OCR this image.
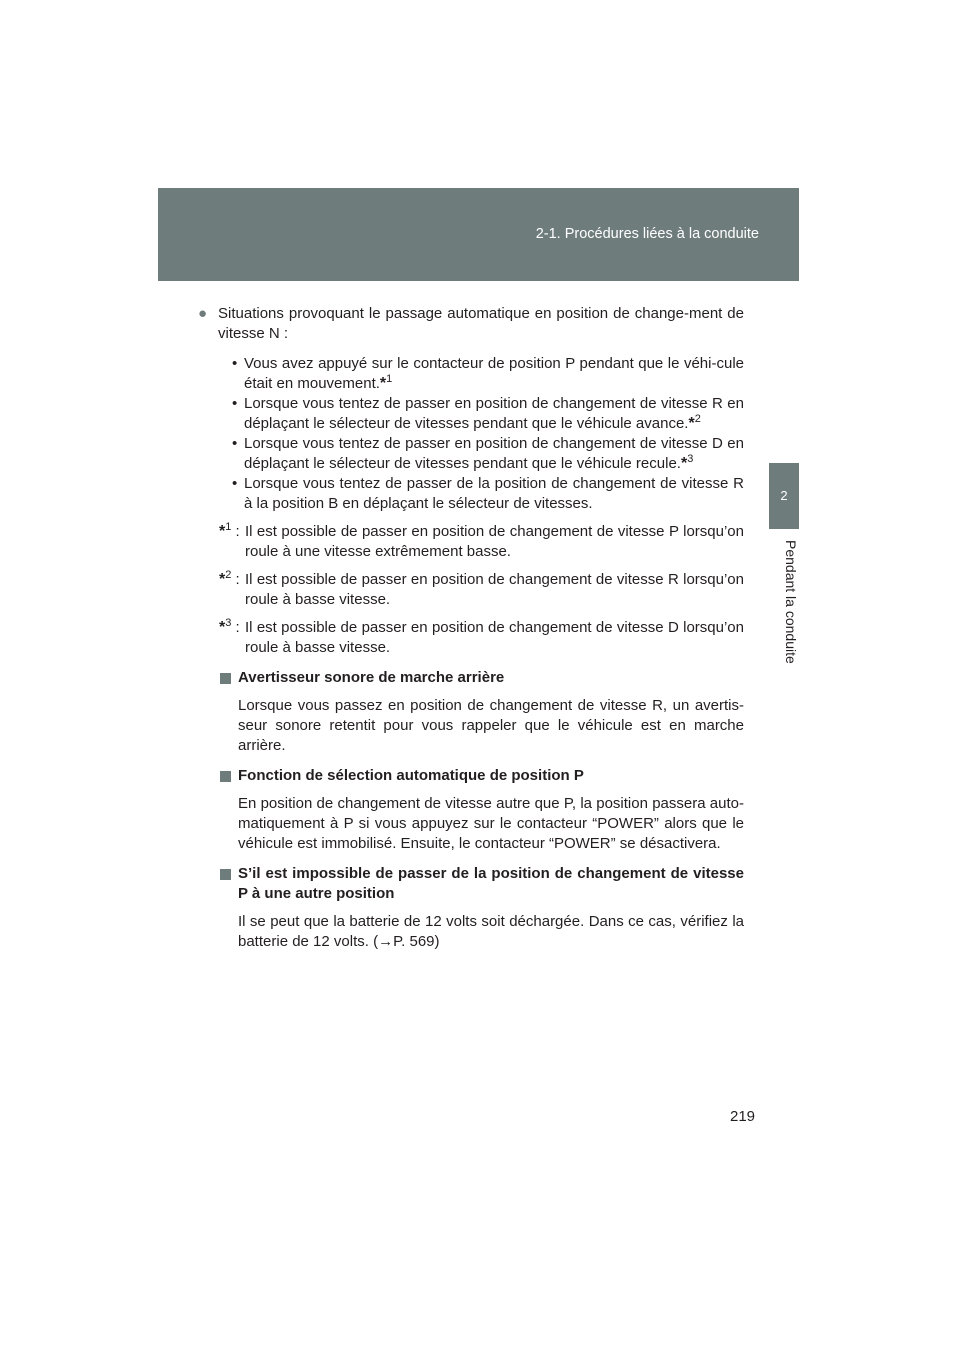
2-1. Procédures liées à la conduite
2
Pendant la conduite
● Situations provoquant le passage automatique en position de change-ment de vitesse N :
• Vous avez appuyé sur le contacteur de position P pendant que le véhi-cule était en mouvement.*$^1$
• Lorsque vous tentez de passer en position de changement de vitesse R en déplaçant le sélecteur de vitesses pendant que le véhicule avance.*$^2$
• Lorsque vous tentez de passer en position de changement de vitesse D en déplaçant le sélecteur de vitesses pendant que le véhicule recule.*$^3$
• Lorsque vous tentez de passer de la position de changement de vitesse R à la position B en déplaçant le sélecteur de vitesses.
*$^1$ : Il est possible de passer en position de changement de vitesse P lorsqu’on roule à une vitesse extrêmement basse.
*$^2$ : Il est possible de passer en position de changement de vitesse R lorsqu’on roule à basse vitesse.
*$^3$ : Il est possible de passer en position de changement de vitesse D lorsqu’on roule à basse vitesse.
Avertisseur sonore de marche arrière
Lorsque vous passez en position de changement de vitesse R, un avertis-seur sonore retentit pour vous rappeler que le véhicule est en marche arrière.
Fonction de sélection automatique de position P
En position de changement de vitesse autre que P, la position passera auto-matiquement à P si vous appuyez sur le contacteur “POWER” alors que le véhicule est immobilisé. Ensuite, le contacteur “POWER” se désactivera.
S’il est impossible de passer de la position de changement de vitesse P à une autre position
Il se peut que la batterie de 12 volts soit déchargée. Dans ce cas, vérifiez la batterie de 12 volts. (→P. 569)
219
